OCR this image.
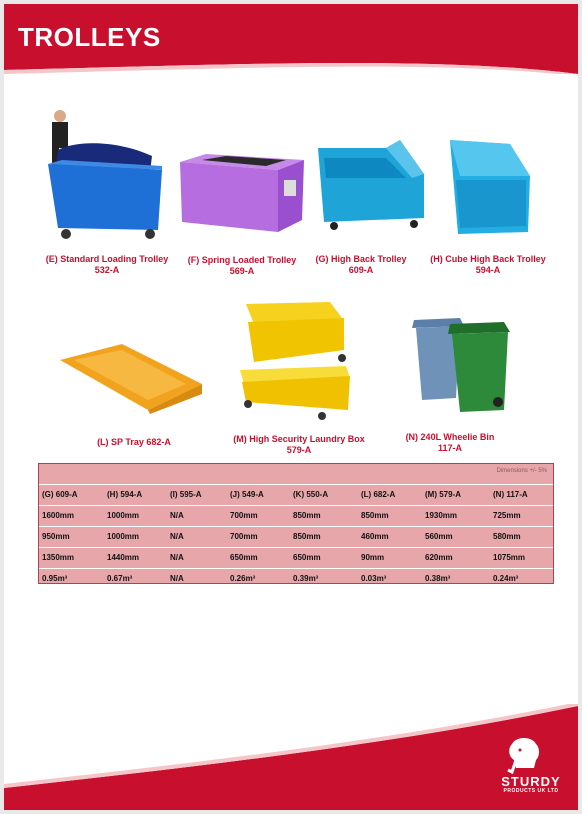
TROLLEYS
(E) Standard Loading Trolley
532-A
(F) Spring Loaded Trolley
569-A
(G) High Back Trolley
609-A
(H) Cube High Back Trolley
594-A
(L) SP Tray 682-A	(M) High Security Laundry Box
579-A
(N) 240L Wheelie Bin
117-A
Dimensions +/- 5%
(G) 609-A	(H) 594-A	(I) 595-A	(J) 549-A	(K) 550-A	(L) 682-A	(M) 579-A	(N) 117-A
1600mm	1000mm	N/A	700mm	850mm	850mm	1930mm	725mm
950mm	1000mm	N/A	700mm	850mm	460mm	560mm	580mm
1350mm	1440mm	N/A	650mm	650mm	90mm	620mm	1075mm
0.95m³	0.67m³	N/A	0.26m³	0.39m³	0.03m³	0.38m³	0.24m³
STURDY
PRODUCTS UK LTD
